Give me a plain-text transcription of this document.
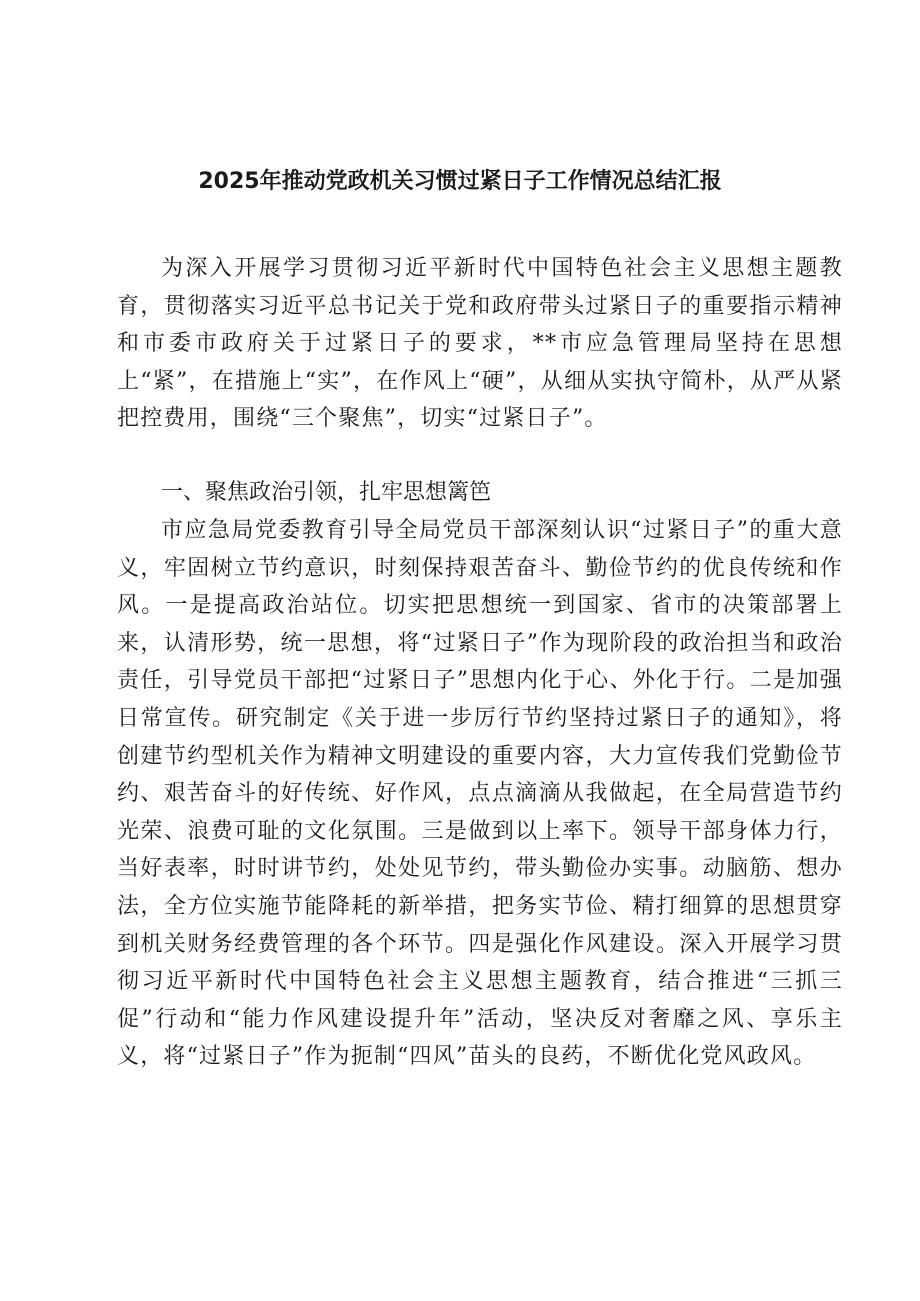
2025年推动党政机关习惯过紧日子工作情况总结汇报
为深入开展学习贯彻习近平新时代中国特色社会主义思想主题教育，贯彻落实习近平总书记关于党和政府带头过紧日子的重要指示精神和市委市政府关于过紧日子的要求，**市应急管理局坚持在思想上“紧”，在措施上“实”，在作风上“硬”，从细从实执守简朴，从严从紧把控费用，围绕“三个聚焦”，切实“过紧日子”。
一、聚焦政治引领，扎牢思想篱笆
市应急局党委教育引导全局党员干部深刻认识“过紧日子”的重大意义，牢固树立节约意识，时刻保持艰苦奋斗、勤俭节约的优良传统和作风。一是提高政治站位。切实把思想统一到国家、省市的决策部署上来，认清形势，统一思想，将“过紧日子”作为现阶段的政治担当和政治责任，引导党员干部把“过紧日子”思想内化于心、外化于行。二是加强日常宣传。研究制定《关于进一步厉行节约坚持过紧日子的通知》，将创建节约型机关作为精神文明建设的重要内容，大力宣传我们党勤俭节约、艰苦奋斗的好传统、好作风，点点滴滴从我做起，在全局营造节约光荣、浪费可耻的文化氛围。三是做到以上率下。领导干部身体力行，当好表率，时时讲节约，处处见节约，带头勤俭办实事。动脑筋、想办法，全方位实施节能降耗的新举措，把务实节俭、精打细算的思想贯穿到机关财务经费管理的各个环节。四是强化作风建设。深入开展学习贯彻习近平新时代中国特色社会主义思想主题教育，结合推进“三抓三促”行动和“能力作风建设提升年”活动，坚决反对奢靡之风、享乐主义，将“过紧日子”作为扼制“四风”苗头的良药，不断优化党风政风。
